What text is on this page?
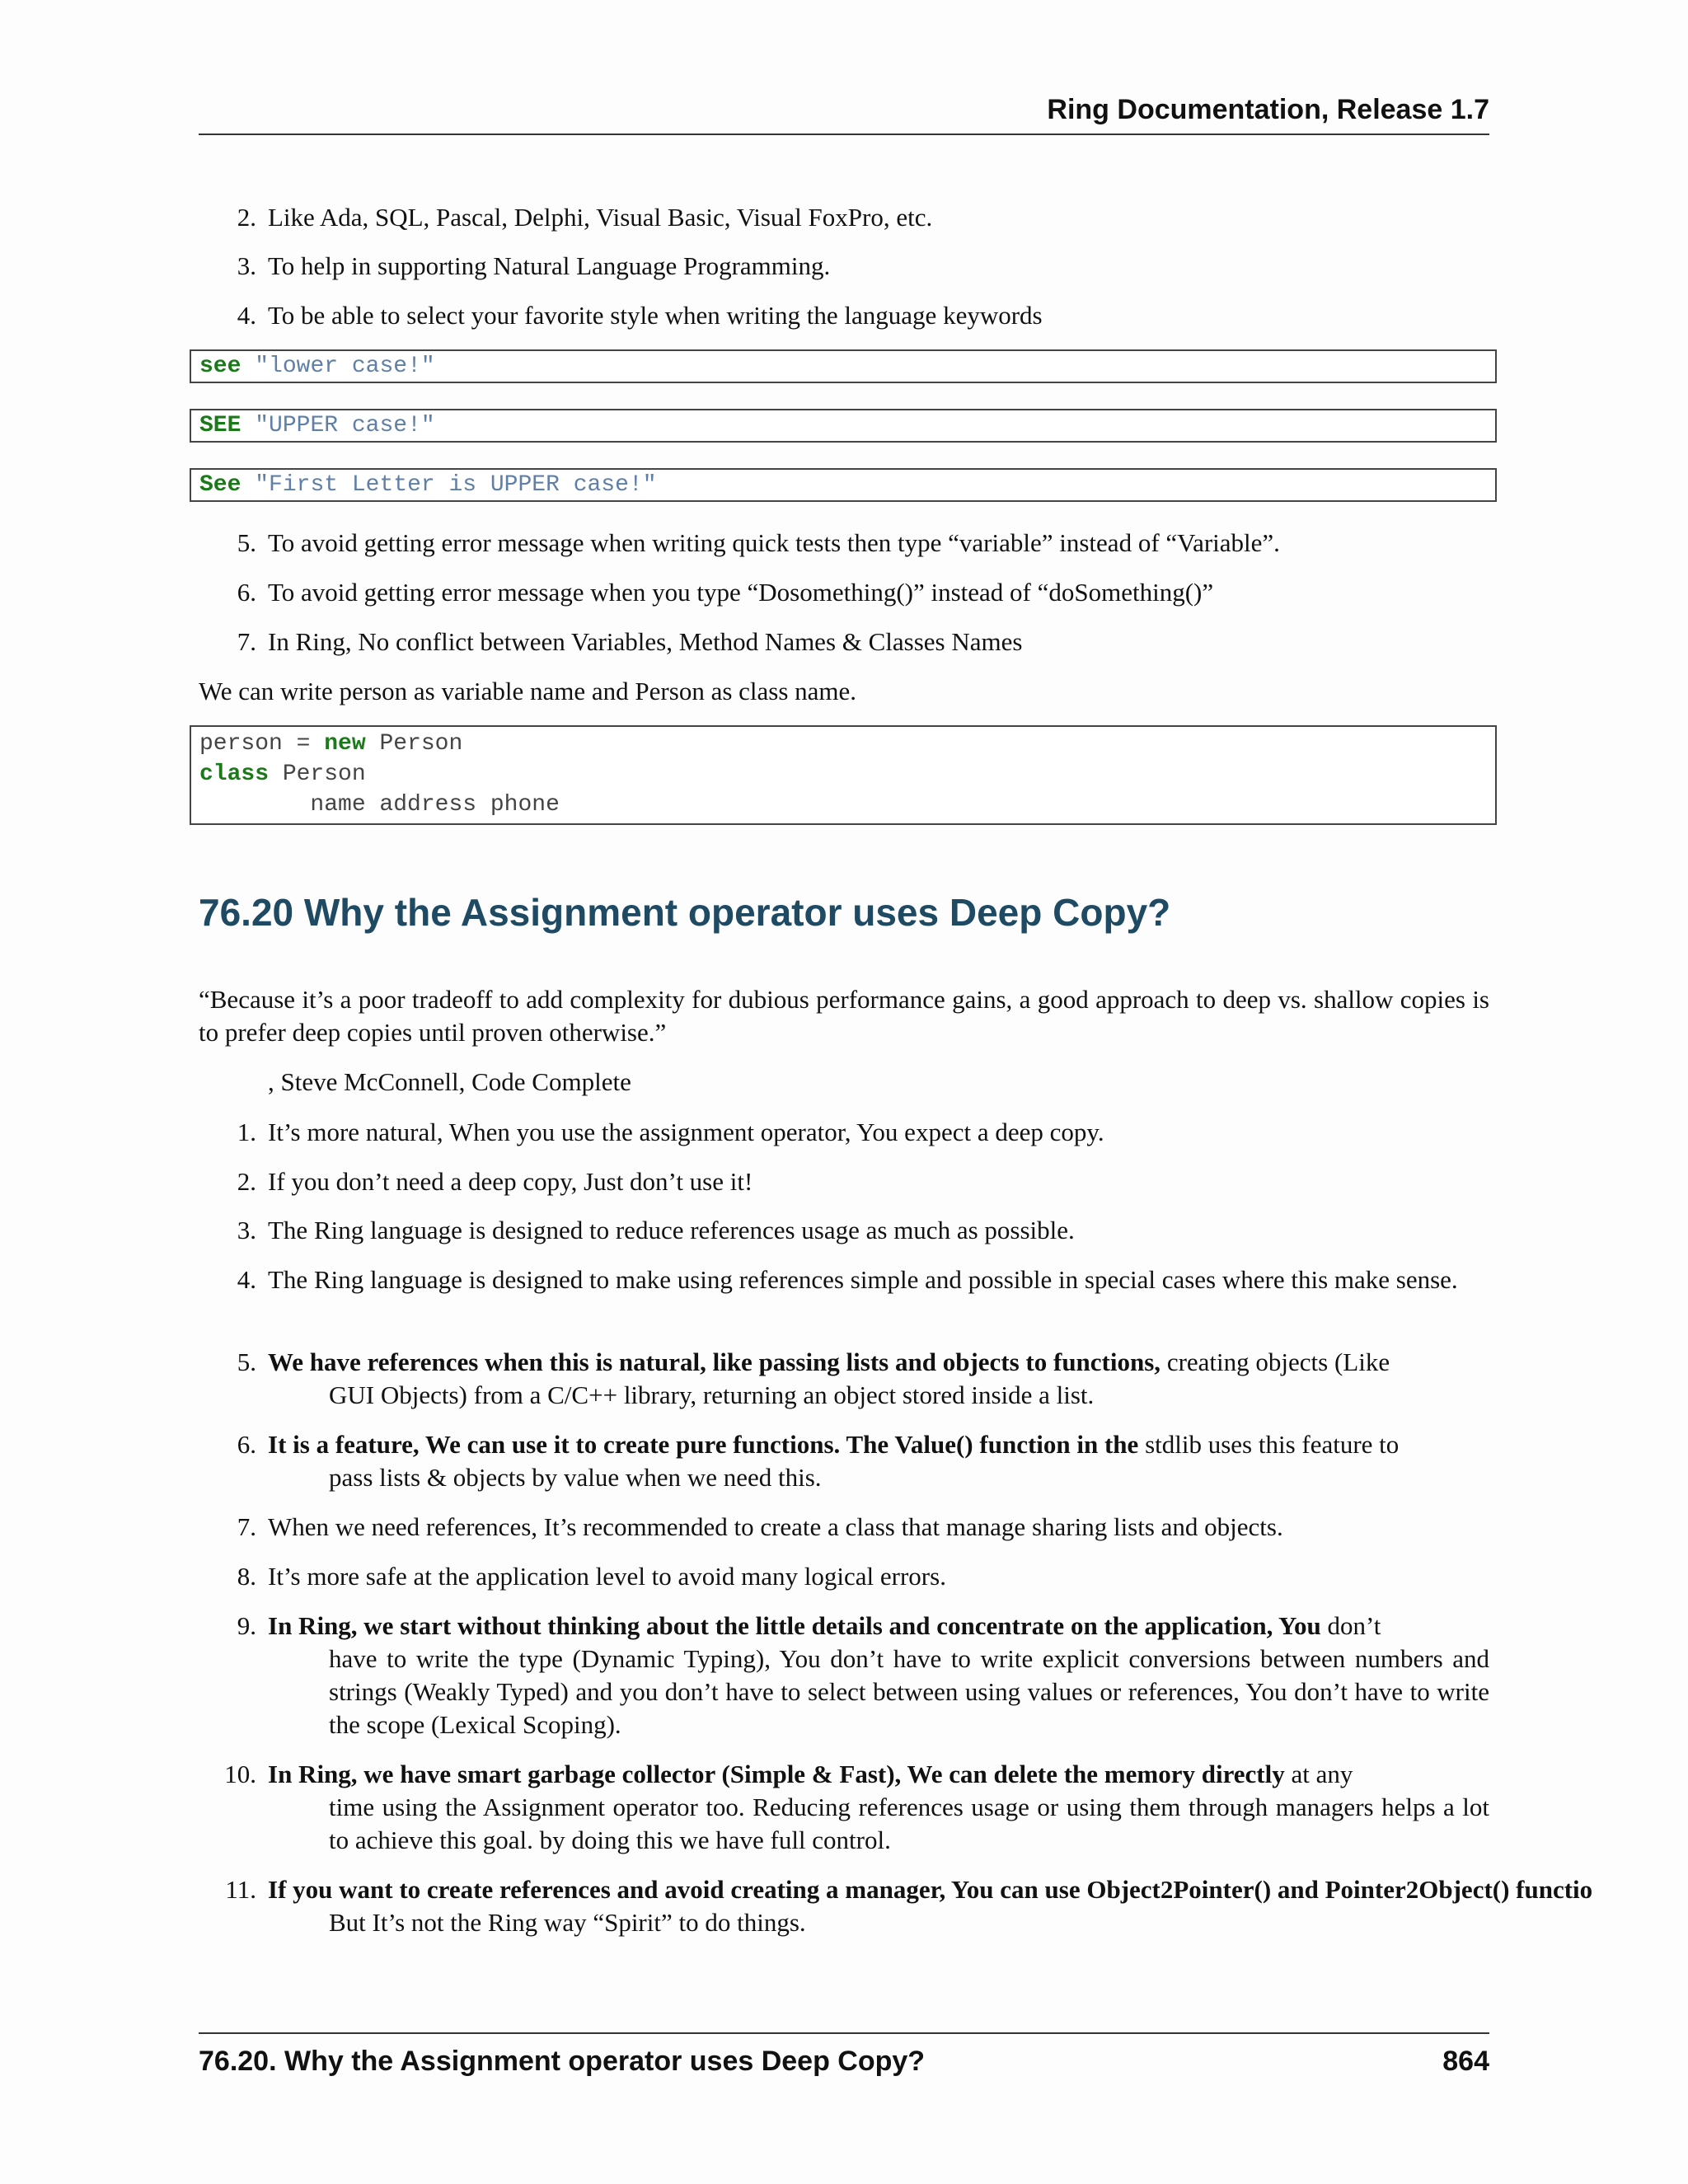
Ring Documentation, Release 1.7
2. Like Ada, SQL, Pascal, Delphi, Visual Basic, Visual FoxPro, etc.
3. To help in supporting Natural Language Programming.
4. To be able to select your favorite style when writing the language keywords
see "lower case!"
SEE "UPPER case!"
See "First Letter is UPPER case!"
5. To avoid getting error message when writing quick tests then type “variable” instead of “Variable”.
6. To avoid getting error message when you type “Dosomething()” instead of “doSomething()”
7. In Ring, No conflict between Variables, Method Names & Classes Names
We can write person as variable name and Person as class name.
person = new Person
class Person
name address phone
76.20 Why the Assignment operator uses Deep Copy?
“Because it’s a poor tradeoff to add complexity for dubious performance gains, a good approach to deep vs. shallow copies is to prefer deep copies until proven otherwise.”
, Steve McConnell, Code Complete
1. It’s more natural, When you use the assignment operator, You expect a deep copy.
2. If you don’t need a deep copy, Just don’t use it!
3. The Ring language is designed to reduce references usage as much as possible.
4. The Ring language is designed to make using references simple and possible in special cases where this make sense.
5. We have references when this is natural, like passing lists and objects to functions, creating objects (Like
GUI Objects) from a C/C++ library, returning an object stored inside a list.
6. It is a feature, We can use it to create pure functions. The Value() function in the stdlib uses this feature to
pass lists & objects by value when we need this.
7. When we need references, It’s recommended to create a class that manage sharing lists and objects.
8. It’s more safe at the application level to avoid many logical errors.
9. In Ring, we start without thinking about the little details and concentrate on the application, You don’t
have to write the type (Dynamic Typing), You don’t have to write explicit conversions between numbers and strings (Weakly Typed) and you don’t have to select between using values or references, You don’t have to write the scope (Lexical Scoping).
10. In Ring, we have smart garbage collector (Simple & Fast), We can delete the memory directly at any
time using the Assignment operator too. Reducing references usage or using them through managers helps a lot to achieve this goal. by doing this we have full control.
11. If you want to create references and avoid creating a manager, You can use Object2Pointer() and Pointer2Object() functio
But It’s not the Ring way “Spirit” to do things.
76.20. Why the Assignment operator uses Deep Copy?	864
